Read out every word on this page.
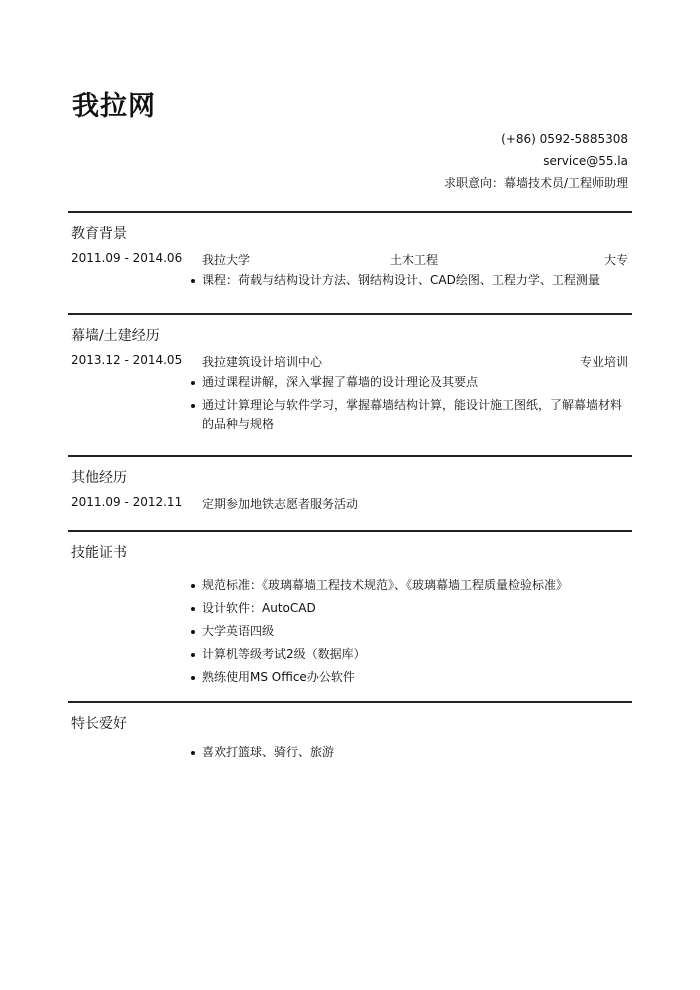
我拉网
(+86) 0592-5885308
service@55.la
求职意向：幕墙技术员/工程师助理
教育背景
2011.09 - 2014.06 我拉大学	土木工程	大专
课程：荷载与结构设计方法、钢结构设计、CAD绘图、工程力学、工程测量
幕墙/土建经历
2013.12 - 2014.05 我拉建筑设计培训中心	专业培训
通过课程讲解，深入掌握了幕墙的设计理论及其要点
通过计算理论与软件学习，掌握幕墙结构计算，能设计施工图纸，了解幕墙材料的品种与规格
其他经历
2011.09 - 2012.11 定期参加地铁志愿者服务活动
技能证书
规范标准：《玻璃幕墙工程技术规范》、《玻璃幕墙工程质量检验标准》
设计软件：AutoCAD
大学英语四级
计算机等级考试2级（数据库）
熟练使用MS Office办公软件
特长爱好
喜欢打篮球、骑行、旅游
